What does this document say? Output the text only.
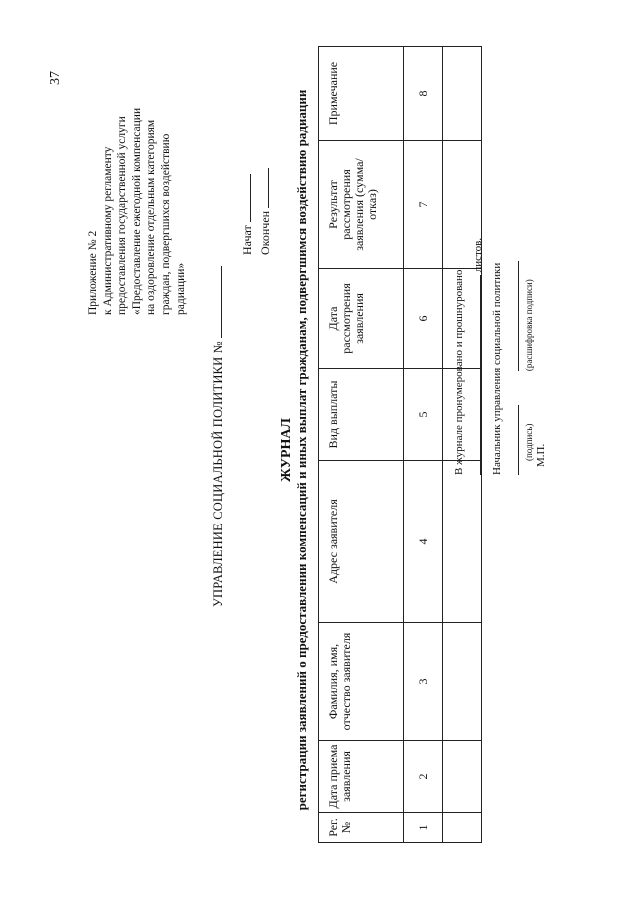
37
Приложение № 2 к Административному регламенту предоставления государственной услуги «Предоставление ежегодной компенсации на оздоровление отдельным категориям граждан, подвергшихся воздействию радиации»
УПРАВЛЕНИЕ СОЦИАЛЬНОЙ ПОЛИТИКИ №
Начат Окончен
ЖУРНАЛ регистрации заявлений о предоставлении компенсаций и иных выплат гражданам, подвергшимся воздействию радиации
Рег. №	Дата приема заявления	Фамилия, имя, отчество заявителя	Адрес заявителя	Вид выплаты	Дата рассмотрения заявления	Результат рассмотрения заявления (сумма/отказ)	Примечание
1	2	3	4	5	6	7	8

В журнале пронумеровано и прошнуровано
листов.
Начальник управления социальной политики
(подпись)  (расшифровка подписи)
М.П.
